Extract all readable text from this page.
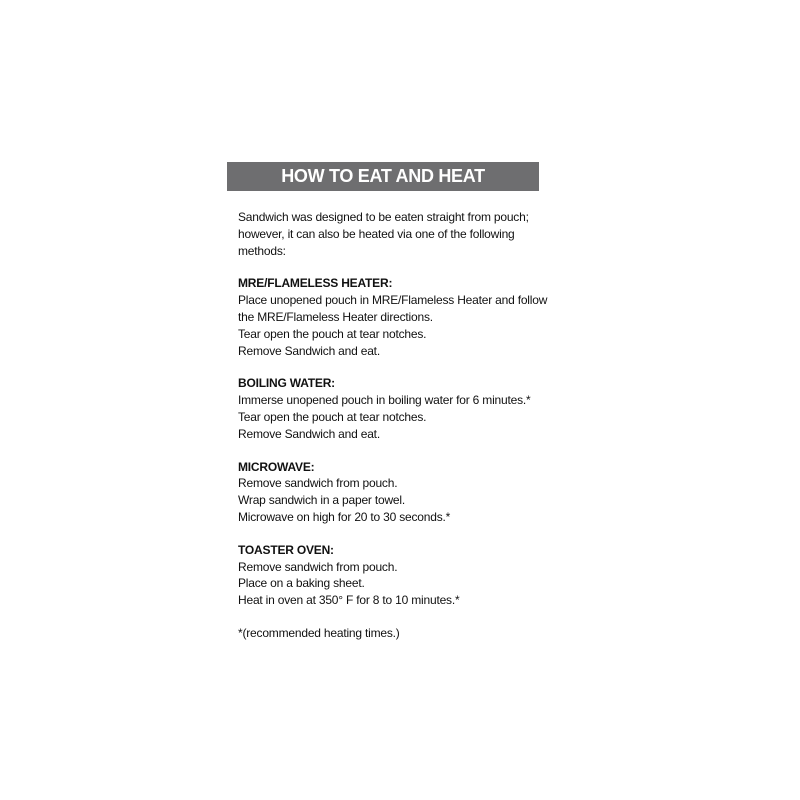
HOW TO EAT AND HEAT

Sandwich was designed to be eaten straight from pouch;

however, it can also be heated via one of the following

methods:

MRE/FLAMELESS HEATER:

Place unopened pouch in MRE/Flameless Heater and follow
the MRE/Flameless Heater directions.
Tear open the pouch at tear notches.
Remove Sandwich and eat.

BOILING WATER:

Immerse unopened pouch in boiling water for 6 minutes.*
Tear open the pouch at tear notches.
Remove Sandwich and eat.

MICROWAVE:

Remove sandwich from pouch.
Wrap sandwich in a paper towel.
Microwave on high for 20 to 30 seconds.*

TOASTER OVEN:

Remove sandwich from pouch.
Place on a baking sheet.
Heat in oven at 350° F for 8 to 10 minutes.*
*(recommended heating times.)
